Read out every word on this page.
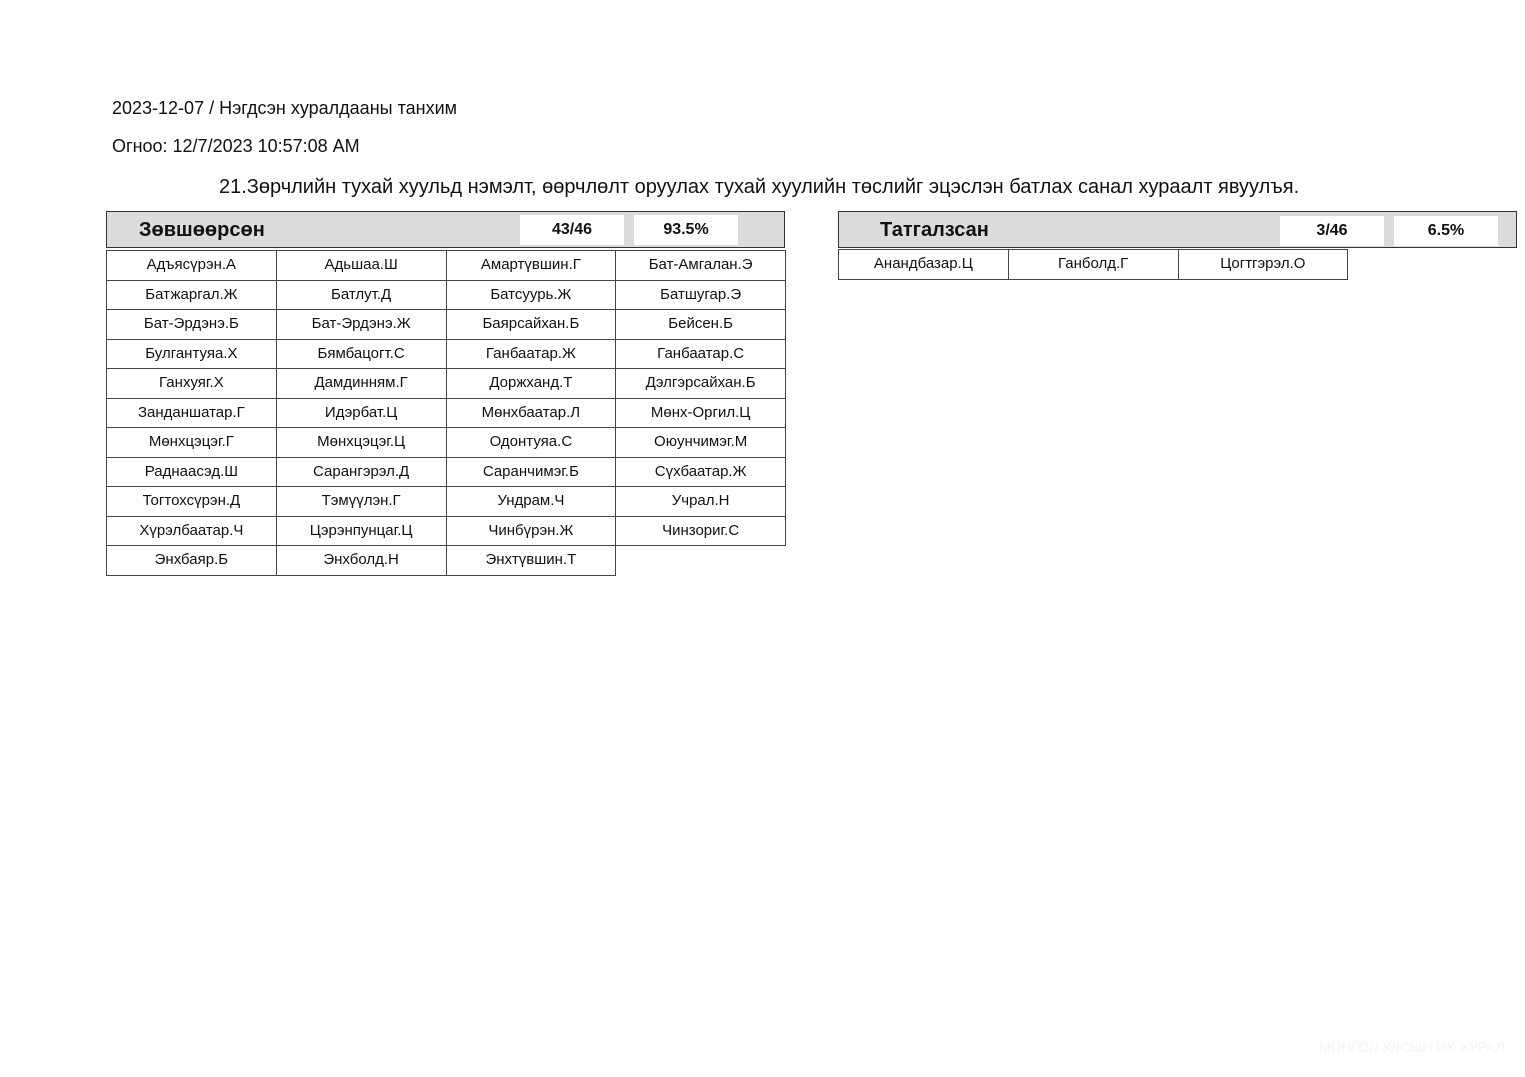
2023-12-07 / Нэгдсэн хуралдааны танхим
Огноо: 12/7/2023 10:57:08 AM
21.Зөрчлийн тухай хуульд нэмэлт, өөрчлөлт оруулах тухай хуулийн төслийг эцэслэн батлах санал хураалт явуулъя.
Зөвшөөрсөн	43/46	93.5%
Адъясүрэн.А	Адьшаа.Ш	Амартүвшин.Г	Бат-Амгалан.Э
Батжаргал.Ж	Батлут.Д	Батсуурь.Ж	Батшугар.Э
Бат-Эрдэнэ.Б	Бат-Эрдэнэ.Ж	Баярсайхан.Б	Бейсен.Б
Булгантуяа.Х	Бямбацогт.С	Ганбаатар.Ж	Ганбаатар.С
Ганхуяг.Х	Дамдинням.Г	Доржханд.Т	Дэлгэрсайхан.Б
Занданшатар.Г	Идэрбат.Ц	Мөнхбаатар.Л	Мөнх-Оргил.Ц
Мөнхцэцэг.Г	Мөнхцэцэг.Ц	Одонтуяа.С	Оюунчимэг.М
Раднаасэд.Ш	Сарангэрэл.Д	Саранчимэг.Б	Сүхбаатар.Ж
Тогтохсүрэн.Д	Тэмүүлэн.Г	Ундрам.Ч	Учрал.Н
Хүрэлбаатар.Ч	Цэрэнпунцаг.Ц	Чинбүрэн.Ж	Чинзориг.С
Энхбаяр.Б	Энхболд.Н	Энхтүвшин.Т
Татгалзсан	3/46	6.5%
Анандбазар.Ц	Ганболд.Г	Цогтгэрэл.О
МОНГОЛ УЛСЫН ИХ ХУРАЛ
